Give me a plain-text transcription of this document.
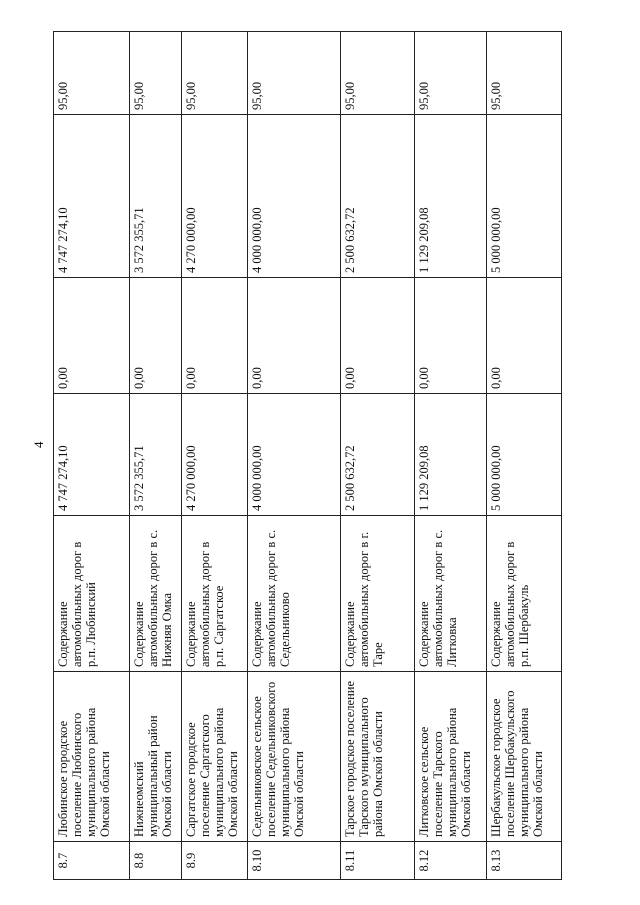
4
8.7	Любинское городское поселение Любинского муниципального района Омской области	Содержание автомобильных дорог в р.п. Любинский	4 747 274,10	0,00	4 747 274,10	95,00
8.8	Нижнеомский муниципальный район Омской области	Содержание автомобильных дорог в с. Нижняя Омка	3 572 355,71	0,00	3 572 355,71	95,00
8.9	Саргатское городское поселение Саргатского муниципального района Омской области	Содержание автомобильных дорог в р.п. Саргатское	4 270 000,00	0,00	4 270 000,00	95,00
8.10	Седельниковское сельское поселение Седельниковского муниципального района Омской области	Содержание автомобильных дорог в с. Седельниково	4 000 000,00	0,00	4 000 000,00	95,00
8.11	Тарское городское поселение Тарского муниципального района Омской области	Содержание автомобильных дорог в г. Таре	2 500 632,72	0,00	2 500 632,72	95,00
8.12	Литковское сельское поселение Тарского муниципального района Омской области	Содержание автомобильных дорог в с. Литковка	1 129 209,08	0,00	1 129 209,08	95,00
8.13	Шербакульское городское поселение Шербакульского муниципального района Омской области	Содержание автомобильных дорог в р.п. Шербакуль	5 000 000,00	0,00	5 000 000,00	95,00
